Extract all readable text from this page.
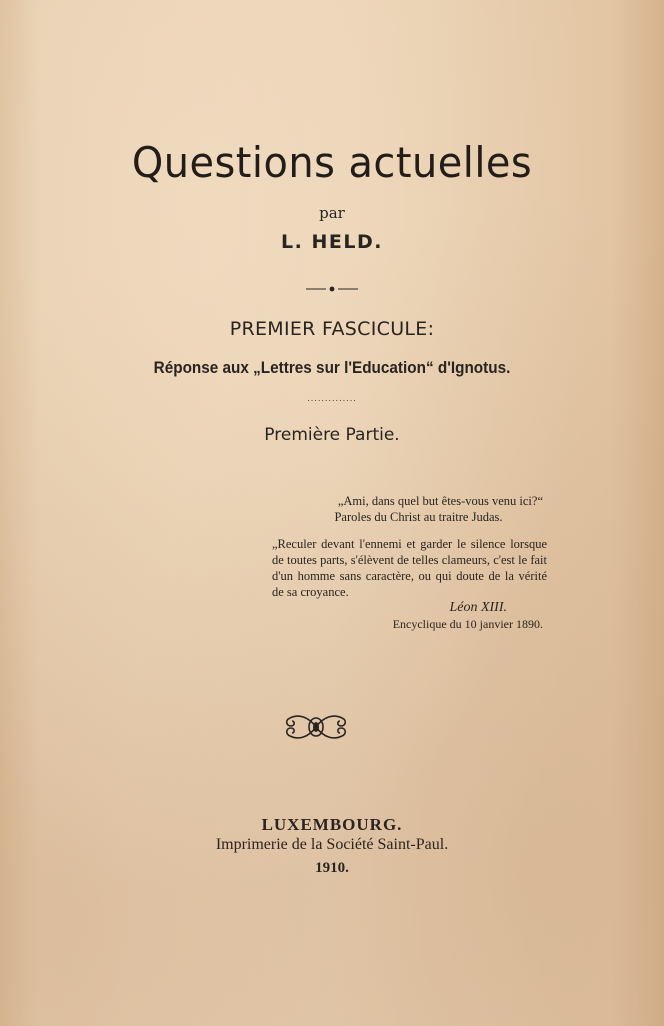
Questions actuelles
par
L. HELD.
PREMIER FASCICULE:
Réponse aux „Lettres sur l'Education“ d'Ignotus.
..............
Première Partie.
„Ami, dans quel but êtes-vous venu ici?“
Paroles du Christ au traitre Judas.
„Reculer devant l'ennemi et garder le silence lorsque de toutes parts, s'élèvent de telles clameurs, c'est le fait d'un homme sans caractère, ou qui doute de la vérité de sa croyance.
Léon XIII.
Encyclique du 10 janvier 1890.
LUXEMBOURG.
Imprimerie de la Société Saint-Paul.
1910.
